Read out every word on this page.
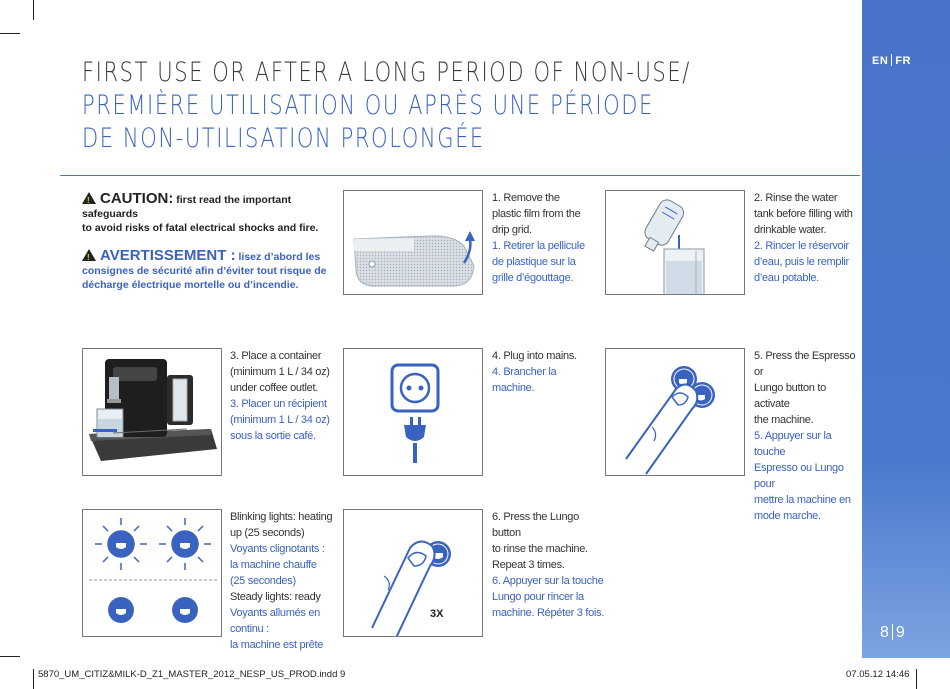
EN FR
8 9
FIRST USE OR AFTER A LONG PERIOD OF NON-USE/
PREMIÈRE UTILISATION OU APRÈS UNE PÉRIODE
DE NON-UTILISATION PROLONGÉE

!CAUTION: first read the important safeguards
to avoid risks of fatal electrical shocks and fire.

!AVERTISSEMENT : lisez d’abord les
consignes de sécurité afin d’éviter tout risque de
décharge électrique mortelle ou d’incendie.

1. Remove the
plastic film from the
drip grid.
1. Retirer la pellicule
de plastique sur la
grille d’égouttage.
2. Rinse the water
tank before filling with
drinkable water.
2. Rincer le réservoir
d’eau, puis le remplir
d’eau potable.
3. Place a container
(minimum 1 L / 34 oz)
under coffee outlet.
3. Placer un récipient
(minimum 1 L / 34 oz)
sous la sortie café.
4. Plug into mains.
4. Brancher la
machine.
5. Press the Espresso or
Lungo button to activate
the machine.
5. Appuyer sur la touche
Espresso ou Lungo pour
mettre la machine en
mode marche.
Blinking lights: heating
up (25 seconds)
Voyants clignotants :
la machine chauffe
(25 secondes)
Steady lights: ready
Voyants allumés en continu :
la machine est prête
3X
6. Press the Lungo button
to rinse the machine.
Repeat 3 times.
6. Appuyer sur la touche
Lungo pour rincer la
machine. Répéter 3 fois.
5870_UM_CITIZ&MILK-D_Z1_MASTER_2012_NESP_US_PROD.indd 9	07.05.12 14:46
